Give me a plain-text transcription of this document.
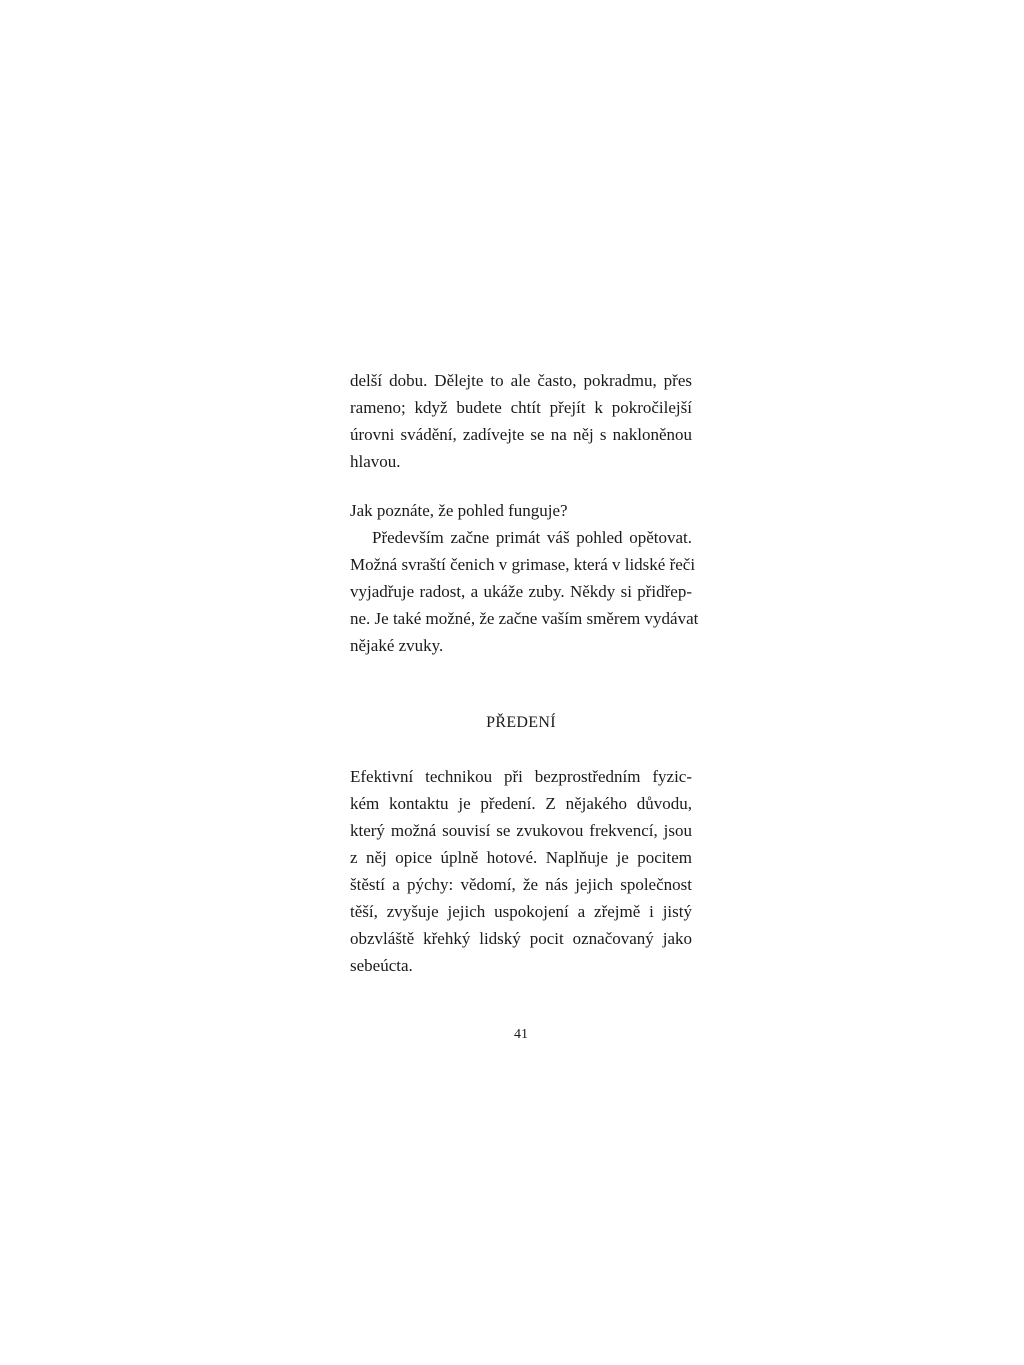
delší dobu. Dělejte to ale často, pokradmu, přes
rameno; když budete chtít přejít k pokročilejší
úrovni svádění, zadívejte se na něj s nakloněnou
hlavou.
Jak poznáte, že pohled funguje?
Především začne primát váš pohled opětovat.
Možná svraští čenich v grimase, která v lidské řeči
vyjadřuje radost, a ukáže zuby. Někdy si přidřep-
ne. Je také možné, že začne vaším směrem vydávat
nějaké zvuky.
PŘEDENÍ
Efektivní technikou při bezprostředním fyzic-
kém kontaktu je předení. Z nějakého důvodu,
který možná souvisí se zvukovou frekvencí, jsou
z něj opice úplně hotové. Naplňuje je pocitem
štěstí a pýchy: vědomí, že nás jejich společnost
těší, zvyšuje jejich uspokojení a zřejmě i jistý
obzvláště křehký lidský pocit označovaný jako
sebeúcta.
41
